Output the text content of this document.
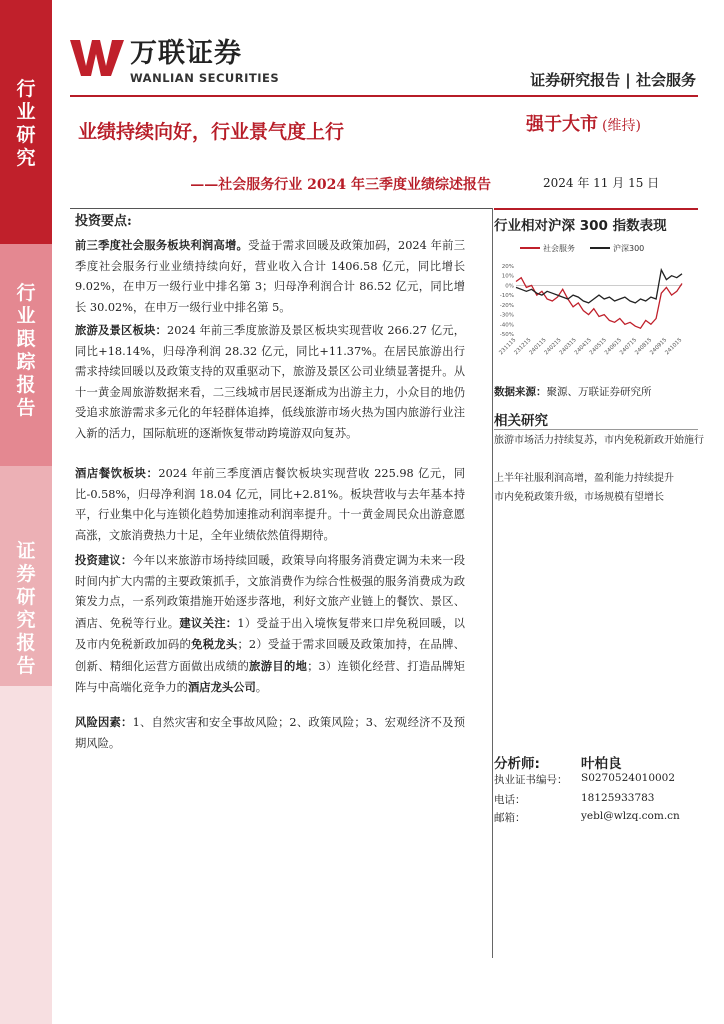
行
业
研
究
行
业
跟
踪
报
告
证
券
研
究
报
告
万联证券
WANLIAN SECURITIES	证券研究报告 | 社会服务
业绩持续向好，行业景气度上行	强于大市 (维持)
——社会服务行业 2024 年三季度业绩综述报告	2024 年 11 月 15 日
投资要点:
前三季度社会服务板块利润高增。受益于需求回暖及政策加码，2024 年前三季度社会服务行业业绩持续向好，营业收入合计 1406.58 亿元，同比增长 9.02%，在申万一级行业中排名第 3；归母净利润合计 86.52 亿元，同比增长 30.02%，在申万一级行业中排名第 5。
旅游及景区板块：2024 年前三季度旅游及景区板块实现营收 266.27 亿元，同比+18.14%，归母净利润 28.32 亿元，同比+11.37%。在居民旅游出行需求持续回暖以及政策支持的双重驱动下，旅游及景区公司业绩显著提升。从十一黄金周旅游数据来看，二三线城市居民逐渐成为出游主力，小众目的地仍受追求旅游需求多元化的年轻群体追捧，低线旅游市场火热为国内旅游行业注入新的活力，国际航班的逐渐恢复带动跨境游双向复苏。
酒店餐饮板块：2024 年前三季度酒店餐饮板块实现营收 225.98 亿元，同比-0.58%，归母净利润 18.04 亿元，同比+2.81%。板块营收与去年基本持平，行业集中化与连锁化趋势加速推动利润率提升。十一黄金周民众出游意愿高涨，文旅消费热力十足，全年业绩依然值得期待。
投资建议：今年以来旅游市场持续回暖，政策导向将服务消费定调为未来一段时间内扩大内需的主要政策抓手，文旅消费作为综合性极强的服务消费成为政策发力点，一系列政策措施开始逐步落地，利好文旅产业链上的餐饮、景区、酒店、免税等行业。建议关注：1）受益于出入境恢复带来口岸免税回暖，以及市内免税新政加码的免税龙头；2）受益于需求回暖及政策加持，在品牌、创新、精细化运营方面做出成绩的旅游目的地；3）连锁化经营、打造品牌矩阵与中高端化竞争力的酒店龙头公司。
风险因素：1、自然灾害和安全事故风险；2、政策风险；3、宏观经济不及预期风险。
行业相对沪深 300 指数表现
社会服务	沪深300
20%
10%
0%
-10%
-20%
-30%
-40%
-50%
231115
231215
240115
240215
240315
240415
240515
240615
240715
240815
240915
241015
数据来源：聚源、万联证券研究所
相关研究
旅游市场活力持续复苏，市内免税新政开始施行
上半年社服利润高增，盈利能力持续提升
市内免税政策升级，市场规模有望增长
分析师:	叶柏良
执业证书编号： S0270524010002
电话：	18125933783
邮箱：	yebl@wlzq.com.cn
